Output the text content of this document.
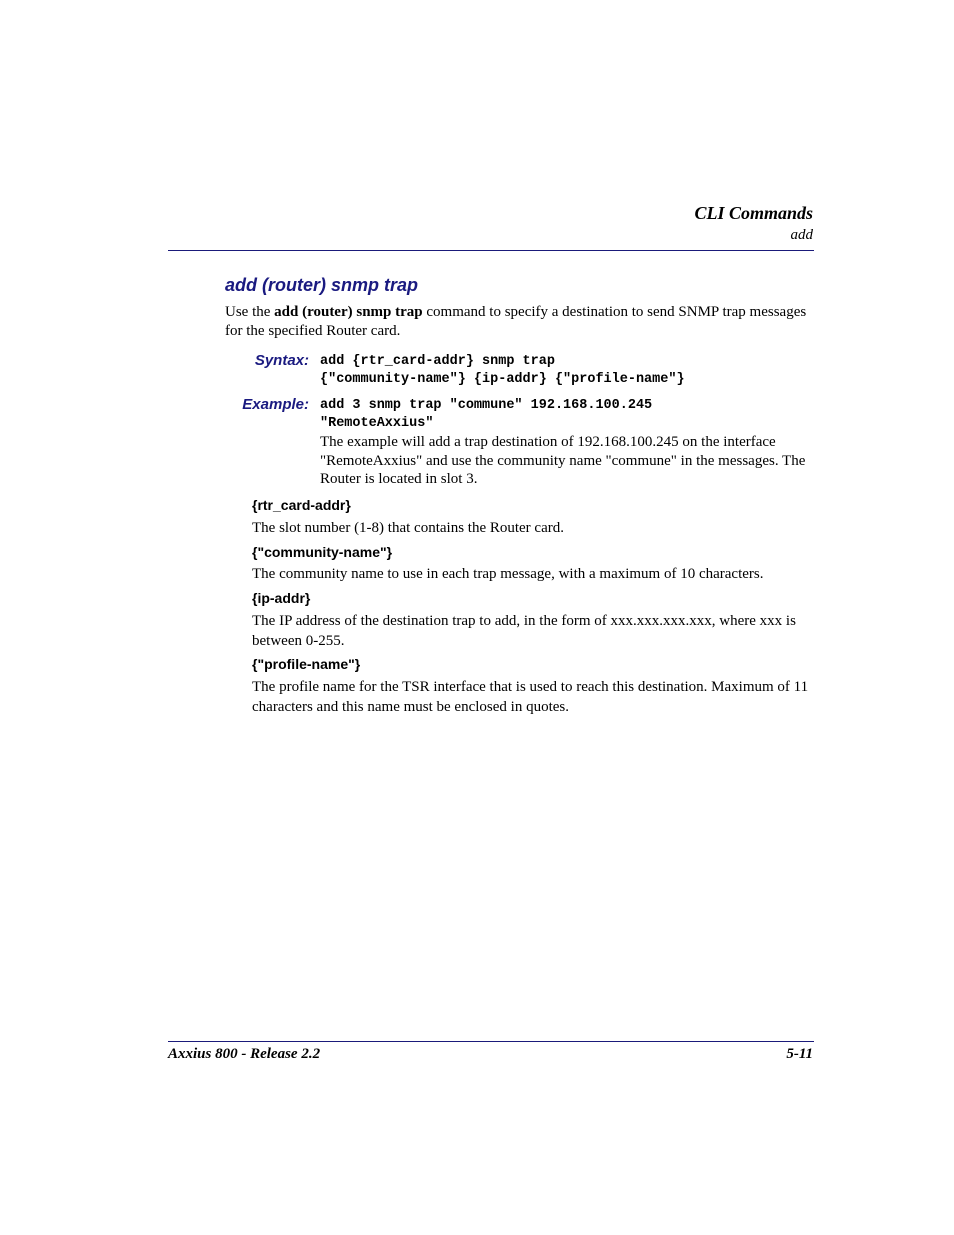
CLI Commands
add
add (router) snmp trap
Use the add (router) snmp trap command to specify a destination to send SNMP trap messages for the specified Router card.
Syntax: add {rtr_card-addr} snmp trap
{"community-name"} {ip-addr} {"profile-name"}
Example: add 3 snmp trap "commune" 192.168.100.245
"RemoteAxxius"
The example will add a trap destination of 192.168.100.245 on the interface "RemoteAxxius" and use the community name "commune" in the messages. The Router is located in slot 3.
{rtr_card-addr}
The slot number (1-8) that contains the Router card.
{"community-name"}
The community name to use in each trap message, with a maximum of 10 characters.
{ip-addr}
The IP address of the destination trap to add, in the form of xxx.xxx.xxx.xxx, where xxx is between 0-255.
{"profile-name"}
The profile name for the TSR interface that is used to reach this destination. Maximum of 11 characters and this name must be enclosed in quotes.
Axxius 800 - Release 2.2	5-11
